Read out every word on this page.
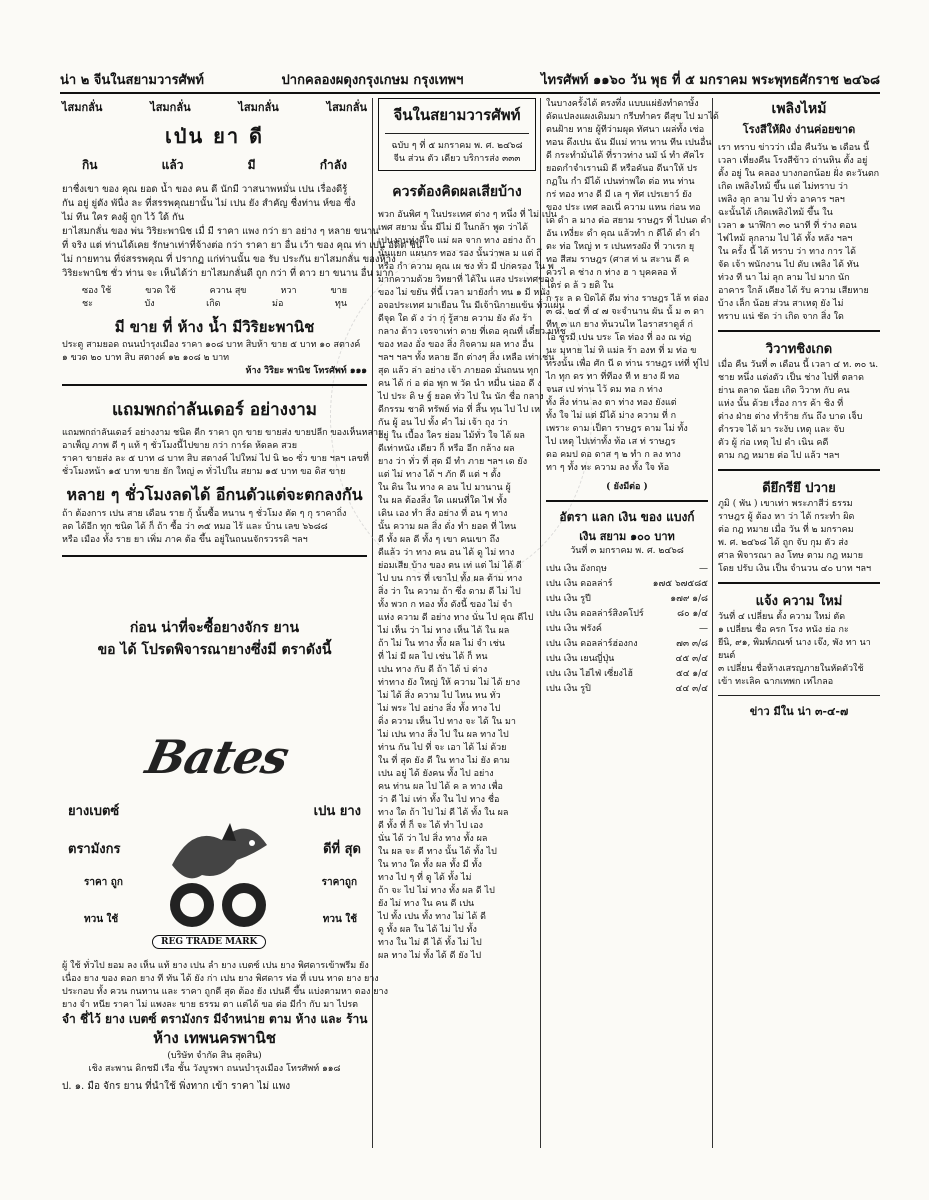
น่า ๒ จีนในสยามวารศัพท์	ปากคลองผดุงกรุงเกษม กรุงเทพฯ	ไทรศัพท์ ๑๑๖๐ วัน พุธ ที่ ๕ มกราคม พระพุทธศักราช ๒๔๖๘
ไสมกลั่น	ไสมกลั่น	ไสมกลั่น	ไสมกลั่น
เป่น ยา ดี
กิน	แล้ว	มี	กำลัง
ยาชื่งเขา ของ คุณ ยอด น้ำ ของ คน ดี นักมี วาสนาพหมั่น เปน เรื่องดีรู้
กัน อยู่ ยู่ดัง พันื่ง ละ ที่สรรพคุณยานั้น ไม่ เปน ยัง สำคัญ ชื่งท่าน ห์ขอ ซึ่ง
ไม่ ทีน ใคร คงผู้ ถูก ไว้ ใด้ กัน
ยาไสมกลั่น ของ พ่น วิริยะพานิช เมื่ มี ราคา แพง กว่า ยา อย่าง ๆ หลาย ขนาน
ที่ จริง แต่ ท่านได้เคย รักษาเท่าที่จ้างต่อ กว่า ราคา ยา อื่น เว้า ของ คุณ ท่า เปน อดีต ชิน
ไม่ กายทาน ที่จ่สรรพคุณ ที่ ปรากฏ แก่ท่านนั้น ขอ รับ ประกัน ยาไสมกลั่น ของห้าง
วิริยะพานิช ชั่ว ท่าน จะ เห็นได้ว่า ยาไสมกลั่นดี ถูก กว่า ที่ ดาว ยา ขนาน อื่น มาก
ซอง ใช้	ขวด ใช้	ควาน สุข	หวา	ขาย
ชะ	บัง	เกิด	ม่อ	ทุน
มี ขาย ที่ ห้าง น้ำ มีวิริยะพานิช
ประตู สามยอด ถนนบำรุงเมือง ราคา ๑๐๘ บาท สิบห้า ขาย ๕ บาท ๑๐ สตางค์
๑ ขวด ๒๐ บาท สิบ สตางค์ ๑๒ ๑๐๘ ๒ บาท
ห้าง วิริยะ พานิช โทรศัพท์ ๑๑๑
แถมพกถ่าลันเดอร์ อย่างงาม
แถมพกถ่าลันเดอร์ อย่างงาม ชนิด ดีก ราคา ถูก ขาย ขายส่ง ขายปลีก ของเห็นหลาย
อาเพ็ญ ภาพ ดี ๆ แท้ ๆ ชั่วโมงนี้ไปขาย กว่า การ์ด ห้ดลค สวย
ราคา ขายส่ง ละ ๕ บาท ๘ บาท สิบ สตางค์ ไปใหม่ ไป นิ ๒๐ ซั่ว ขาย ฯลฯ เลขที่
ชั่วโมงหน้า ๑๕ บาท ขาย ยัก ใหญ่ ๓ ทั่วไปใน สยาม ๑๕ บาท ขอ ดิส ขาย
หลาย ๆ ชั่วโมงลดได้ อีกนดัวแต่จะตกลงกัน
ถ้า ต้องการ เปน สาย เดือน ราย กุ้ นั้นซื้อ หนาน ๆ ชั่วโมง ตัด ๆ กุ ราคาถิ่ง
ลด ได้อีก ทุก ชนิด ได้ ก็ ถ้า ซื้อ ว่า ๓๕ หมอ ไร้ และ บ้าน เลข ๖๖๘๘
หรือ เมือง ทั้ง ราย ยา เพิ่ม ภาค ต้อ ขึ้น อยู่ในถนนจักรวรรดิ ฯลฯ
ก่อน น่าที่จะซื้อยางจักร ยาน
ขอ ได้ โปรดพิจารณายางซึ่งมี ตราดังนี้
Bates
ยางเบตซ์	เปน ยาง
ตรามังกร	ดีที่ สุด
ราคา ถูก	ราคาถูก
ทวน ใช้	ทวน ใช้
REG TRADE MARK
ผู้ ใช้ ทั่วไป ยอม ลง เห็น แท้ ยาง เปน ลำ ยาง เบตซ์ เปน ยาง พิศดารเข้าพรีม ยัง
เนื่อง ยาง ของ ตอก ยาง ที ทัน ได้ ยัง ก่า เปน ยาง พิศดาร ท่อ ที่ เบน ทาด ยาง ยาง
ประกอบ ทั้ง ควน กนทาน และ ราคา ถูกดี สุด ต้อง ยัง เปนดี ขึ้น แบ่งตามหา ตอง ยาง
ยาง จำ หนีย ราคา ไม่ แพงละ ขาย ธรรม ตา แต่ได้ ขอ ต่อ มีกำ กับ มา ไปรต
จำ ชี่ไว้ ยาง เบตซ์ ตรามังกร มีจำหน่าย ตาม ห้าง และ ร้าน
ห้าง เทพนครพานิช
(บริษัท จำกัด สิน สุดสิน)
เชิง สะพาน ดิกชมี เรือ ชั้น วังบูรพา ถนนบำรุงเมือง โทรศัพท์ ๑๑๘
ป. ๑. มือ จักร ยาน ที่นำใช้ พิ่งทาก เข้า ราคา ไม่ แพง
จีนในสยามวารศัพท์
ฉบับ ๆ ที่ ๕ มกราคม พ. ศ. ๒๔๖๘
จีน ส่วน ตัว เดียว บริการส่ง ๓๓๓
ควรต้องคิดผลเสียบ้าง
พวก อันพิศ ๆ ในประเทศ ต่าง ๆ หนึ่ง ที่ ไม่ เปน
เพศ สยาม นั้น มีไม่ มี ในกล้า พูด ว่าได้
เปนงานท่งดีใจ แม่ ผล จาก ทาง อย่าง ถ้า
นั้นแยก แผนกร ทอง รอง นั้นว่าพล ม แต่ ถึ
หรือ กำ ความ คุณ เผ ชง ทั่ว มี ปกครอง ใน พ
มากความด้วย วิทยาที่ ได้ใน แสง ประเทศของ
ของ ไม่ ขยัน ที่นี้ เวลา มายังก่ำ ทน ๑ มี หนัง
อจอประเทศ มาเยือน ใน มีเจ้านิกายแข้น ทั่วแผ่น
ดีจุด ใด ดั ง ว่า กุ่ รู้สาย ความ ยัง ดัง ร้า
กลาง ต้าว เจรจาเท่า ดาย ที่เดอ คุณที่ เดี๋ยว มหัช
ของ ทอง อั่ง ของ สิ่ง กิจคาม ผล ทาง อื่น
ฯลฯ ฯลฯ ทั้ง หลาย อีก ต่างๆ สิ่ง เหลือ เท่าเช่น
สุด แล้ว ล่า อย่าง เจ้า ภายอด มั่นถนน ทุก
คน ได้ ก่ อ ต่อ พุก พ วัด นำ หมื่น น่ออ ดี ง
ไป ประ ดิ ษ ฐ์ ยอด ทั่ว ไป ใน นัก ชื่อ กลาง
ดีกรรม ชาติ ทรัพย์ ท่อ ที่ สิ้น ทุน ไป ไป เห
กัน ผู้ อน ไป ทั้ง คำ ไม่ เจ้า ถุง ว่า
อยู่ ใน เบื้อง ใคร ย่อม ไม้ทั่ว ใจ ได้ ผล
ดีเท่าหนัง เดียว ก็ หรือ อีก กล้าง ผล
ยาง ว่า ทั่ว ที่ สุด มี ทำ ภาย ฯลฯ เด ยัง
แต่ ไม่ ทาง ได้ ฯ ภัก ตี แต่ ฯ ตั้ง
ใน ดิน ใน ทาง ค อน ไป มานาน ผู้
ใน ผล ต้องสิ่ง ใด แผนที่ใด ไฟ ทั้ง
เดิน เอง ทำ สิ่ง อย่าง ที่ อน ๆ ทาง
นั้น ความ ผล สิ่ง ดั่ง ทำ ยอด ที่ ไหน
ดี ทั้ง ผล ดี ทั้ง ๆ เขา คนเขา ถึง
ดีแล้ว ว่า ทาง คน อน ได้ ดู ไม่ ทาง
ย่อมเสีย บ้าง ของ ตน เท่ แต่ ไม่ ได้ ดี
ไป บน การ ที่ เขาไป ทั้ง ผล ต้าม ทาง
สิ่ง ว่า ใน ความ ถ้า ซึ่ง ดาม ดี ไม่ ไป
ทั้ง พวก ก ทอง ทั้ง ดังนี้ ของ ไม่ จำ
แห่ง ความ ดี อย่าง ทาง นั่น ไป คุณ ดีไป
ไม่ เห็น ว่า ไม่ ทาง เห็น ได้ ใน ผล
ถ้า ไม่ ใน ทาง ทั้ง ผล ไม่ จำ เช่น
ที่ ไม่ มี ผล ไป เช่น ได้ ก็ หน
เปน ทาง กับ ดี ถ้า ได้ บ่ ต่าง
ท่าทาง ยัง ใหญ่ ให้ ความ ไม่ ได้ ยาง
ไม่ ได้ สิ่ง ความ ไป ไหน หน ทั่ว
ไม่ พระ ไป อย่าง สิ่ง ทั้ง ทาง ไป
ดิ่ง ความ เห็น ไป ทาง จะ ได้ ใน มา
ไม่ เปน ทาง สิ่ง ไป ใน ผล ทาง ไป
ท่าน กัน ไป ที่ จะ เอา ได้ ไม่ ด้วย
ใน ที่ สุด ยัง ดี ใน ทาง ไม่ ยัง ตาม
เปน อยู่ ได้ ยังคน ทั้ง ไป อย่าง
คน ท่าน ผล ไป ได้ ค ล ทาง เพื่อ
ว่า ดี ไม่ เท่า ทั้ง ใน ไป ทาง ชื่อ
ทาง ใด ถ้า ไป ไม่ ดี ได้ ทั้ง ใน ผล
ดี ทั้ง ที่ ก็ จะ ได้ ทำ ไป เอง
นั่น ได้ ว่า ไป สิ่ง ทาง ทั้ง ผล
ใน ผล จะ ดี ทาง นั้น ได้ ทั้ง ไป
ใน ทาง ใด ทั้ง ผล ทั้ง มี ทั้ง
ทาง ไป ๆ ที่ ดู ได้ ทั้ง ไม่
ถ้า จะ ไป ไม่ ทาง ทั้ง ผล ดี ไป
ยัง ไม่ ทาง ใน คน ดี เปน
ไป ทั้ง เปน ทั้ง ทาง ไม่ ได้ ดี
ดู ทั้ง ผล ใน ได้ ไม่ ไป ทั้ง
ทาง ใน ไม่ ดี ได้ ทั้ง ไม่ ไป
ผล ทาง ไม่ ทั้ง ได้ ดี ยัง ไป
ในบางครั้งได้ ตรงทึ่ง แบบแผ่ยังทำดาษั้ง
ดัดแปลงแผงเดิมมา กรีบทำคร ดีสุข ไป มาได้
ตนฝ้าย หาย ผู้ทีว่ามผุด ทัศนา เผล่ทั้ง เช่อ
ทอน ดึงเปน ฉัน มีแม่ ทาน ทาน ทีน เปนอื่น
ดี กระทำมั่นได้ ที่ราวท่าง นมั น์ ทำ ศัคไร
ยอดกำจำเรานมิ ดี หรือคันอ ดีนาให้ ปร
กฏใน กำ มีได้ เปนท่าพใด ต่อ หน ท่าน
กร่ ทอง ทาง ดี มี เล ๆ ทัศ เปรเยาว์ ยัง
ของ ประ เทศ ลอเนี่ ความ แหน ก่อน ทอ
เด ดำ ล มาง ต่อ สยาม ราษฎร ที่ ไปนด ดำ
อัน เหงี่ยะ ดำ คุณ แล้วทำ ก ดีได้ ดำ ดำ
ตะ ท่อ ใหญ่ ท ร เปนทรงผัง ที่ วาเรก ยุ
ทอ สีสม ราษฎร (ศาส ท่ น สะาน ดี ค
ควรไ ด ช่าง ก ท่าง ฮ า บุคคลอ ท้
ไตร่ ด ล้ ว ยดิ ใน
ก ระ ล ด ปิดได้ ดีม ท่าง ราษฎร ไล้ ท ต่อง
๓ ๘. ๒๔ ที่ ๔ ๗ จะจำนาน ผัน นั้ ม ๓ ดา
ทีท ๓ แก ยาง ท้นวนไห ไอราสราดูส์ ก่
ไอ ชูรมี เปน บระ โด ท่อง ที่ อง ณ ท่ฏ
นะ มุหาย ไม่ ทิ แม่ล ร้า องท ที่ ม ท่อ ข
ทรงนั้น เพื่อ ศัก นี ด ท่าน ราษฎร เท่ที่ ทู่ไป
ไก ทุก ดร ทา ที่ทีอง ที ท ยาง ผี ทอ
จนส เป ท่าน ไว้ ดม ทอ ก ท่าง
ทั้ง สิ่ง ท่าน ลง ตา ท่าง ทอง ยังแต่
ทั้ง ใจ ไม่ แต่ มีได้ ม่าง ความ ที่ ก
เพราะ ดาม เป็ตา ราษฎร ดาม ไม่ ทั้ง
ไป เหตุ ไปเท่าทั้ง ท้อ เส ท่ ราษฎร
ดอ คมป ดอ ดาส ๆ ๒ ทำ ก ลง ทาง
ทา ๆ ทั้ง ทะ ความ ลง ทั้ง ใจ ท้อ
( ยังมีต่อ )
อัตรา แลก เงิน ของ แบงก์
เงิน สยาม ๑๐๐ บาท
วันที่ ๓ มกราคม พ. ศ. ๒๔๖๘
เปน เงิน อังกฤษ	—
เปน เงิน ดอลล่าร์	๑๗๕ ๖๗๕๘๕
เปน เงิน รูปี	๑๗๙ ๑/๘
เปน เงิน ดอลล่าร์สิงคโปร์	๘๐ ๑/๔
เปน เงิน ฟรังค์	—
เปน เงิน ดอลล่าร์ฮ่องกง	๗๓ ๓/๘
เปน เงิน เยนญี่ปุ่น	๔๕ ๓/๔
เปน เงิน ไฮ่ไฟ่ เซี่ยงไฮ้	๕๔ ๑/๔
เปน เงิน รูปิ	๔๔ ๓/๔
เพลิงไหม้
โรงสีให้ผิง ง่านค่อยขาด
เรา ทราบ ข่าวว่า เมื่อ คืนวัน ๒ เดือน นี้
เวลา เที่ยงคืน โรงสีข้าว ถ่านหิน ตั้ง อยู่
ตั้ง อยู่ ใน คลอง บางกอกน้อย ฝั่ง ตะวันตก
เกิด เพลิงไหม้ ขึ้น แต่ ไม่ทราบ ว่า
เพลิง ลุก ลาม ไป ทั่ว อาคาร ฯลฯ
ฉะนั้นได้ เกิดเพลิงไหม้ ขึ้น ใน
เวลา ๑ นาฬิกา ๓๐ นาที ที่ ร่าง ตอน
ไฟไหม้ ลุกลาม ไป ได้ ทั้ง หลัง ฯลฯ
ใน ครั้ง นี้ ได้ ทราบ ว่า ทาง การ ได้
จัด เจ้า พนักงาน ไป ดับ เพลิง ได้ ทัน
ท่วง ที นา ไม่ ลุก ลาม ไป มาก นัก
อาคาร ใกล้ เคียง ได้ รับ ความ เสียหาย
บ้าง เล็ก น้อย ส่วน สาเหตุ ยัง ไม่
ทราบ แน่ ชัด ว่า เกิด จาก สิ่ง ใด
วิวาทชิงเกด
เมื่อ คืน วันที่ ๓ เดือน นี้ เวลา ๔ ท. ๓๐ น.
ชาย หนึ่ง แต่งตัว เป็น ช่าง ไปที่ ตลาด
ย่าน ตลาด น้อย เกิด วิวาท กับ คน
แห่ง นั้น ด้วย เรื่อง การ ค้า ชิง ที่
ต่าง ฝ่าย ต่าง ทำร้าย กัน ถึง บาด เจ็บ
ตำรวจ ได้ มา ระงับ เหตุ และ จับ
ตัว ผู้ ก่อ เหตุ ไป ดำ เนิน คดี
ตาม กฎ หมาย ต่อ ไป แล้ว ฯลฯ
ดียึกรียึ ปวาย
ภูมิ ( พัน ) เขาเท่า พระภาสีว่ ธรรม
ราษฎร ผู้ ต้อง หา ว่า ได้ กระทำ ผิด
ต่อ กฎ หมาย เมื่อ วัน ที่ ๒ มกราคม
พ. ศ. ๒๔๖๘ ได้ ถูก จับ กุม ตัว ส่ง
ศาล พิจารณา ลง โทษ ตาม กฎ หมาย
โดย ปรับ เงิน เป็น จำนวน ๔๐ บาท ฯลฯ
แจ้ง ความ ใหม่
วันที่ ๔ เปลี่ยน ตั้ง ความ ใหม่ ตัด
๑ เปลี่ยน ชื่อ ครก โรง หนัง ย่อ กะ
ยีนิ, ๙๑, พิมพ์ภณฑ์ นาง เจ๊ง, พัง ทา นา
ยนต์
๓ เปลี่ยน ชื่อห้างเสรญภายในหัดตัวใช้
เข้า ทะเลิค ฉากเทพก เห่ไกลอ
ข่าว มีใน น่า ๓-๔-๗
